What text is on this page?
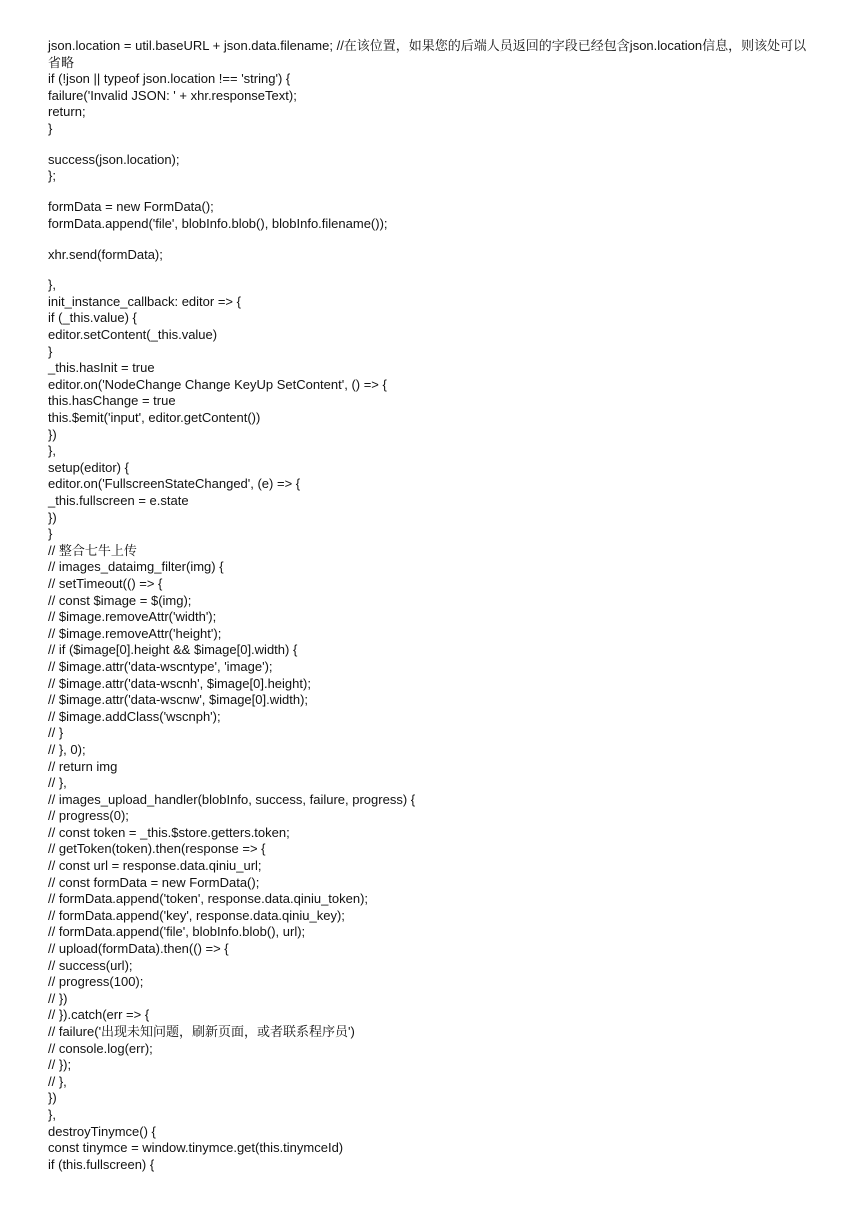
json.location = util.baseURL + json.data.filename; //在该位置，如果您的后端人员返回的字段已经包含json.location信息，则该处可以省略
if (!json || typeof json.location !== 'string') {
failure('Invalid JSON: ' + xhr.responseText);
return;
}
success(json.location);
};
formData = new FormData();
formData.append('file', blobInfo.blob(), blobInfo.filename());
xhr.send(formData);
},
init_instance_callback: editor => {
if (_this.value) {
editor.setContent(_this.value)
}
_this.hasInit = true
editor.on('NodeChange Change KeyUp SetContent', () => {
this.hasChange = true
this.$emit('input', editor.getContent())
})
},
setup(editor) {
editor.on('FullscreenStateChanged', (e) => {
_this.fullscreen = e.state
})
}
// 整合七牛上传
// images_dataimg_filter(img) {
// setTimeout(() => {
// const $image = $(img);
// $image.removeAttr('width');
// $image.removeAttr('height');
// if ($image[0].height && $image[0].width) {
// $image.attr('data-wscntype', 'image');
// $image.attr('data-wscnh', $image[0].height);
// $image.attr('data-wscnw', $image[0].width);
// $image.addClass('wscnph');
// }
// }, 0);
// return img
// },
// images_upload_handler(blobInfo, success, failure, progress) {
// progress(0);
// const token = _this.$store.getters.token;
// getToken(token).then(response => {
// const url = response.data.qiniu_url;
// const formData = new FormData();
// formData.append('token', response.data.qiniu_token);
// formData.append('key', response.data.qiniu_key);
// formData.append('file', blobInfo.blob(), url);
// upload(formData).then(() => {
// success(url);
// progress(100);
// })
// }).catch(err => {
// failure('出现未知问题，刷新页面，或者联系程序员')
// console.log(err);
// });
// },
})
},
destroyTinymce() {
const tinymce = window.tinymce.get(this.tinymceId)
if (this.fullscreen) {
